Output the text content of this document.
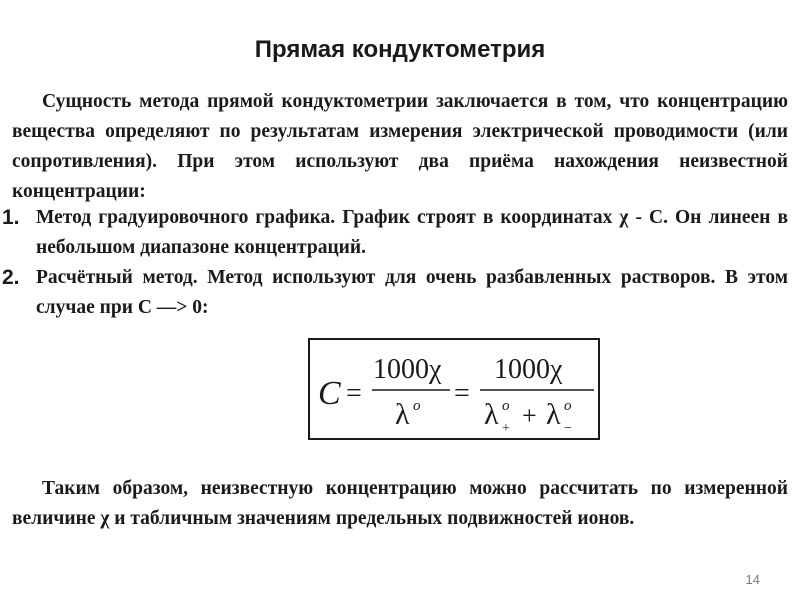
Прямая кондуктометрия
Сущность метода прямой кондуктометрии заключается в том, что концентрацию вещества определяют по результатам измерения электрической проводимости (или сопротивления). При этом используют два приёма нахождения неизвестной концентрации:
1. Метод градуировочного графика. График строят в координатах χ - С. Он линеен в небольшом диапазоне концентраций.
2. Расчётный метод. Метод используют для очень разбавленных растворов. В этом случае при С —> 0:
C =
1000χ
λ o =
1000χ
λ o
+ + λ o
−
Таким образом, неизвестную концентрацию можно рассчитать по измеренной величине χ и табличным значениям предельных подвижностей ионов.
14
